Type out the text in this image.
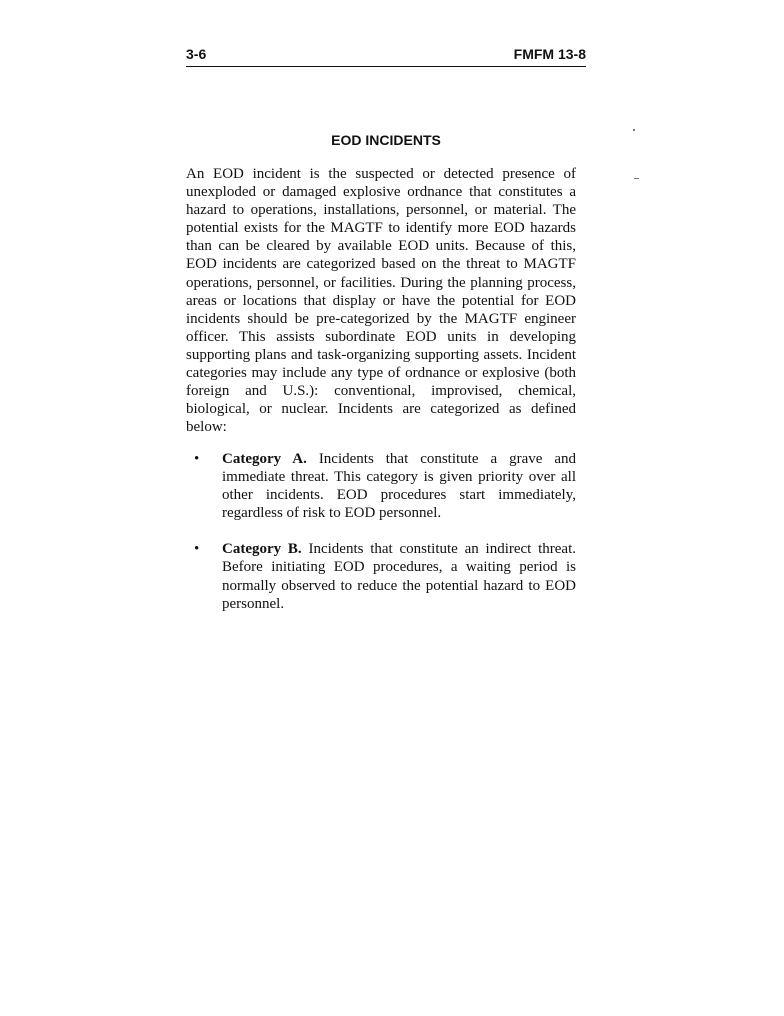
3-6	FMFM 13-8
EOD INCIDENTS

An EOD incident is the suspected or detected presence of unexploded or damaged explosive ordnance that constitutes a hazard to operations, installations, personnel, or material. The potential exists for the MAGTF to identify more EOD hazards than can be cleared by available EOD units. Because of this, EOD incidents are categorized based on the threat to MAGTF operations, personnel, or facilities. During the planning process, areas or locations that display or have the potential for EOD incidents should be pre-categorized by the MAGTF engineer officer. This assists subordinate EOD units in developing supporting plans and task-organizing supporting assets. Incident categories may include any type of ordnance or explosive (both foreign and U.S.): conventional, improvised, chemical, biological, or nuclear. Incidents are categorized as defined below:

• Category A. Incidents that constitute a grave and immediate threat. This category is given priority over all other incidents. EOD procedures start immediately, regardless of risk to EOD personnel.
• Category B. Incidents that constitute an indirect threat. Before initiating EOD procedures, a waiting period is normally observed to reduce the potential hazard to EOD personnel.
